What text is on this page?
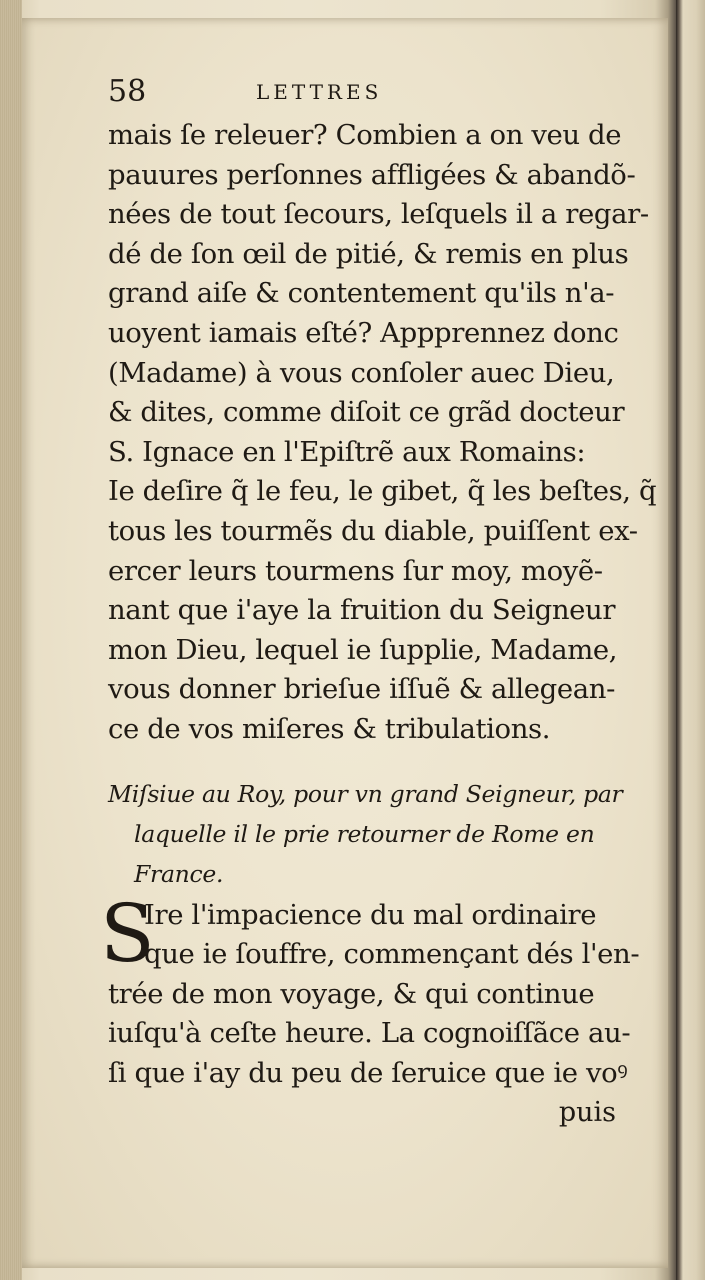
58	LETTRES
mais ſe releuer? Combien a on veu de
pauures perſonnes affligées & abandõ-
nées de tout ſecours, leſquels il a regar-
dé de ſon œil de pitié, & remis en plus
grand aiſe & contentement qu'ils n'a-
uoyent iamais eſté? Appprennez donc
(Madame) à vous conſoler auec Dieu,
& dites, comme diſoit ce grãd docteur
S. Ignace en l'Epiſtrẽ aux Romains:
Ie deſire q̃ le feu, le gibet, q̃ les beſtes, q̃
tous les tourmẽs du diable, puiſſent ex-
ercer leurs tourmens ſur moy, moyẽ-
nant que i'aye la fruition du Seigneur
mon Dieu, lequel ie ſupplie, Madame,
vous donner brieſue iſſuẽ & allegean-
ce de vos miſeres & tribulations.
Miſsiue au Roy, pour vn grand Seigneur, par
laquelle il le prie retourner de Rome en
France.
S
Ire l'impacience du mal ordinaire
que ie ſouffre, commençant dés l'en-
trée de mon voyage, & qui continue
iuſqu'à ceſte heure. La cognoiſſãce au-
ſi que i'ay du peu de ſeruice que ie voꝰ
puis
